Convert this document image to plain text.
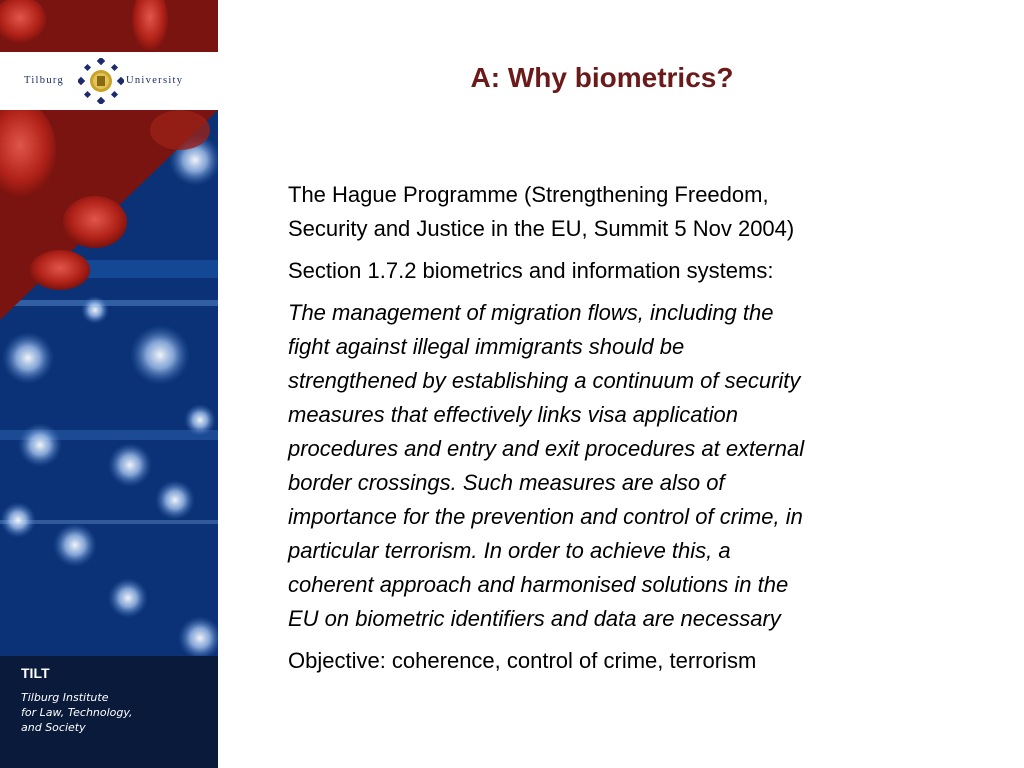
Tilburg	University
TILT
Tilburg Institute
for Law, Technology,
and Society
A: Why biometrics?
The Hague Programme (Strengthening Freedom,
Security and Justice in the EU, Summit 5 Nov 2004)
Section 1.7.2 biometrics and information systems:
The management of migration flows, including the
fight against illegal immigrants should be
strengthened by establishing a continuum of security
measures that effectively links visa application
procedures and entry and exit procedures at external
border crossings. Such measures are also of
importance for the prevention and control of crime, in
particular terrorism. In order to achieve this, a
coherent approach and harmonised solutions in the
EU on biometric identifiers and data are necessary
Objective: coherence, control of crime, terrorism
